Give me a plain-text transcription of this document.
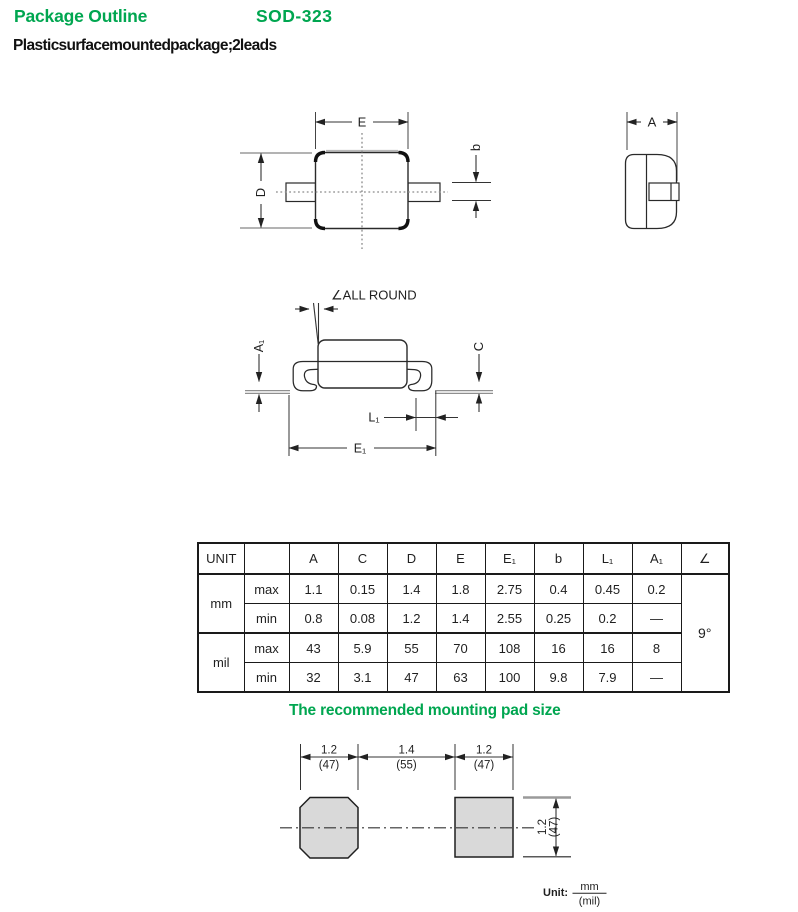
Package Outline	SOD-323
Plastic surface mounted package; 2 leads
The recommended mounting pad size
E
D
b
A
∠ALL ROUND
A₁	C
L₁
E₁
1.2
(47)
1.4
(55)
1.2
(47)
1.2 (47)
Unit: mm
(mil)
UNIT		A	C	D	E	E₁	b	L₁	A₁	∠
mm	max	1.1	0.15	1.4	1.8	2.75	0.4	0.45	0.2	9°
	min	0.8	0.08	1.2	1.4	2.55	0.25	0.2	—	
mil	max	43	5.9	55	70	108	16	16	8	
	min	32	3.1	47	63	100	9.8	7.9	—	
